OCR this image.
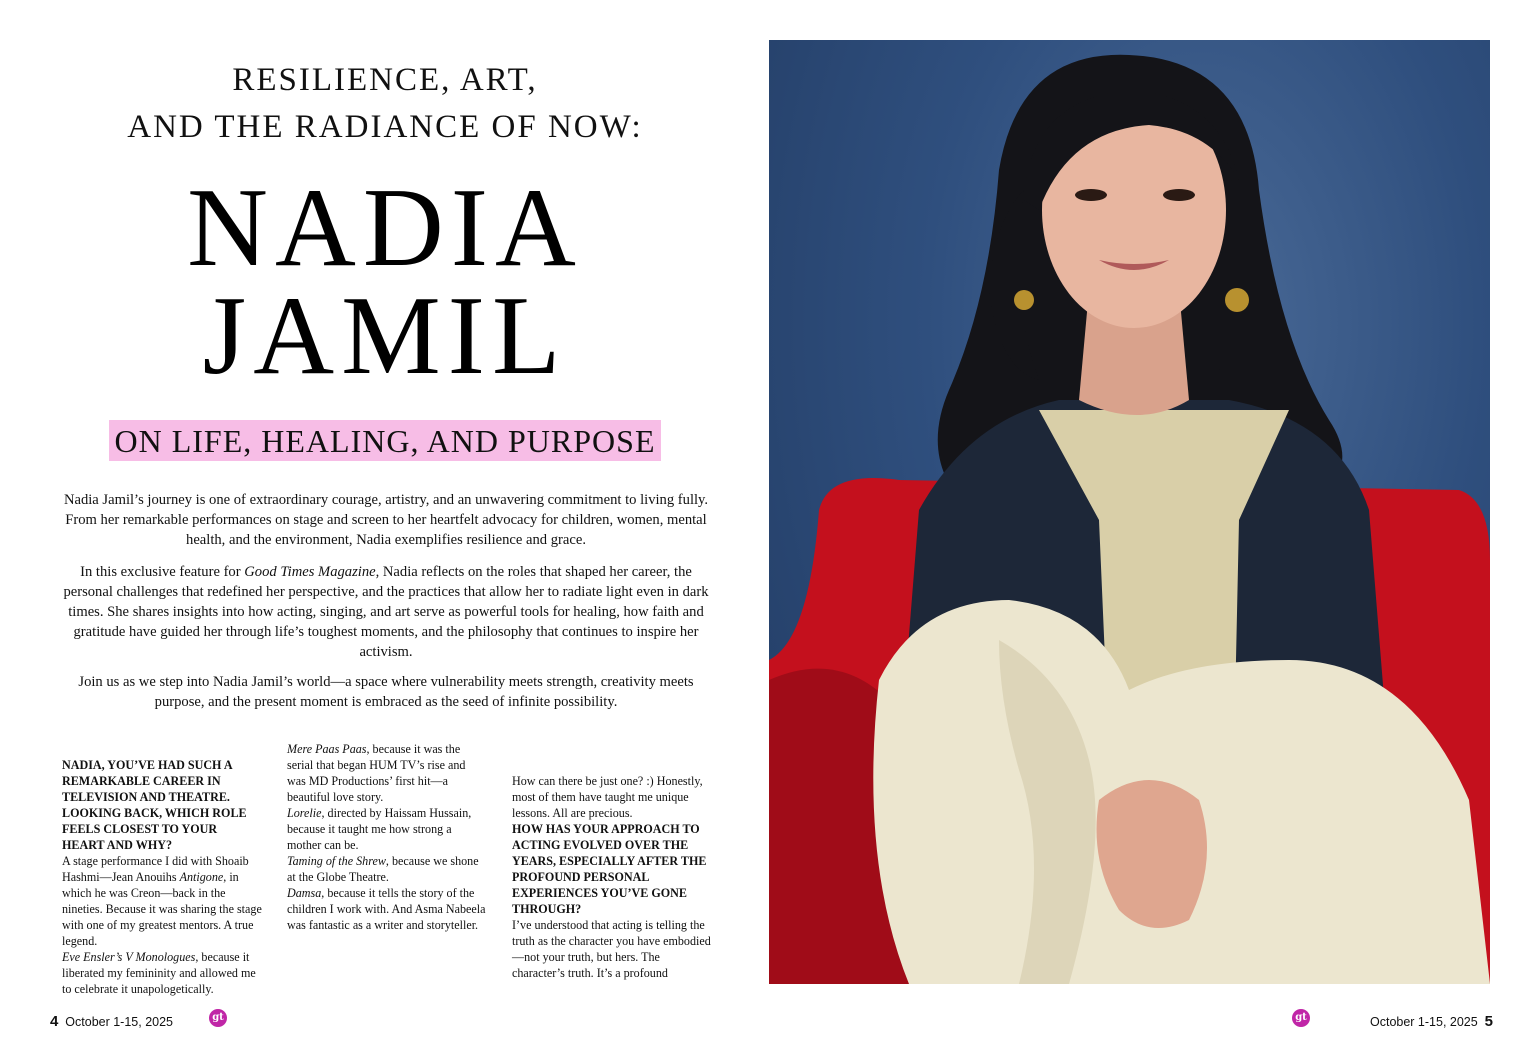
RESILIENCE, ART,
AND THE RADIANCE OF NOW:
NADIA
JAMIL
ON LIFE, HEALING, AND PURPOSE

Nadia Jamil’s journey is one of extraordinary courage, artistry, and an unwavering commitment to living fully. From her remarkable performances on stage and screen to her heartfelt advocacy for children, women, mental health, and the environment, Nadia exemplifies resilience and grace.

In this exclusive feature for Good Times Magazine, Nadia reflects on the roles that shaped her career, the personal challenges that redefined her perspective, and the practices that allow her to radiate light even in dark times. She shares insights into how acting, singing, and art serve as powerful tools for healing, how faith and gratitude have guided her through life’s toughest moments, and the philosophy that continues to inspire her activism.

Join us as we step into Nadia Jamil’s world—a space where vulnerability meets strength, creativity meets purpose, and the present moment is embraced as the seed of infinite possibility.

NADIA, YOU’VE HAD SUCH A REMARKABLE CAREER IN TELEVISION AND THEATRE. LOOKING BACK, WHICH ROLE FEELS CLOSEST TO YOUR HEART AND WHY?
A stage performance I did with Shoaib Hashmi—Jean Anouihs Antigone, in which he was Creon—back in the nineties. Because it was sharing the stage with one of my greatest mentors. A true legend.
Eve Ensler’s V Monologues, because it liberated my femininity and allowed me to celebrate it unapologetically.
Mere Paas Paas, because it was the serial that began HUM TV’s rise and was MD Productions’ first hit—a beautiful love story.
Lorelie, directed by Haissam Hussain, because it taught me how strong a mother can be.
Taming of the Shrew, because we shone at the Globe Theatre.
Damsa, because it tells the story of the children I work with. And Asma Nabeela was fantastic as a writer and storyteller.
How can there be just one? :) Honestly, most of them have taught me unique lessons. All are precious.
HOW HAS YOUR APPROACH TO ACTING EVOLVED OVER THE YEARS, ESPECIALLY AFTER THE PROFOUND PERSONAL EXPERIENCES YOU’VE GONE THROUGH?
I’ve understood that acting is telling the truth as the character you have embodied—not your truth, but hers. The character’s truth. It’s a profound
4 October 1-15, 2025	gt	gt	October 1-15, 2025 5
